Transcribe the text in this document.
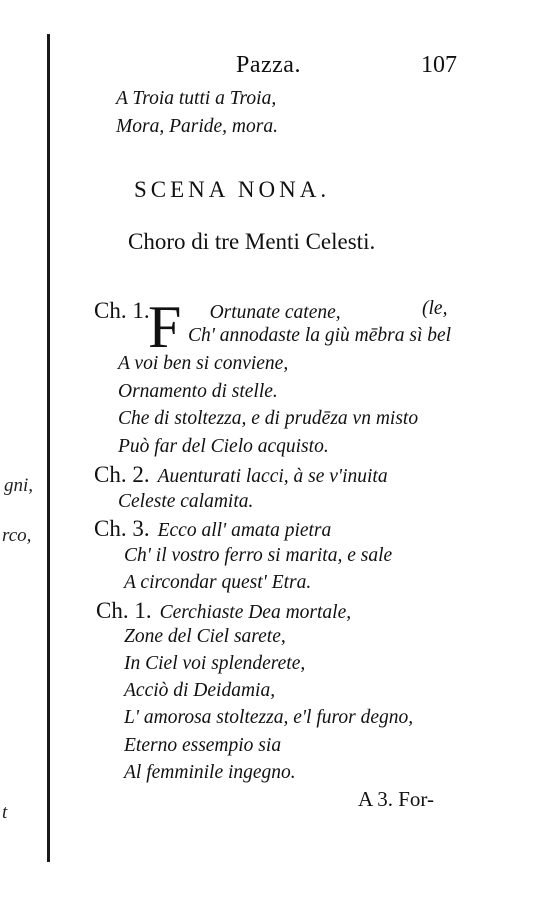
gni,
rco,
t
Pazza.	107
A Troia tutti a Troia,
Mora, Paride, mora.
SCENA NONA.
Choro di tre Menti Celesti.
F
Ch. 1.	Ortunate catene,	(le,
Ch' annodaste la giù mēbra sì bel
A voi ben si conviene,
Ornamento di stelle.
Che di stoltezza, e di prudēza vn misto
Può far del Cielo acquisto.
Ch. 2. Auenturati lacci, à se v'inuita
Celeste calamita.
Ch. 3. Ecco all' amata pietra
Ch' il vostro ferro si marita, e sale
A circondar quest' Etra.
Ch. 1. Cerchiaste Dea mortale,
Zone del Ciel sarete,
In Ciel voi splenderete,
Acciò di Deidamia,
L' amorosa stoltezza, e'l furor degno,
Eterno essempio sia
Al femminile ingegno.
A 3. For-
